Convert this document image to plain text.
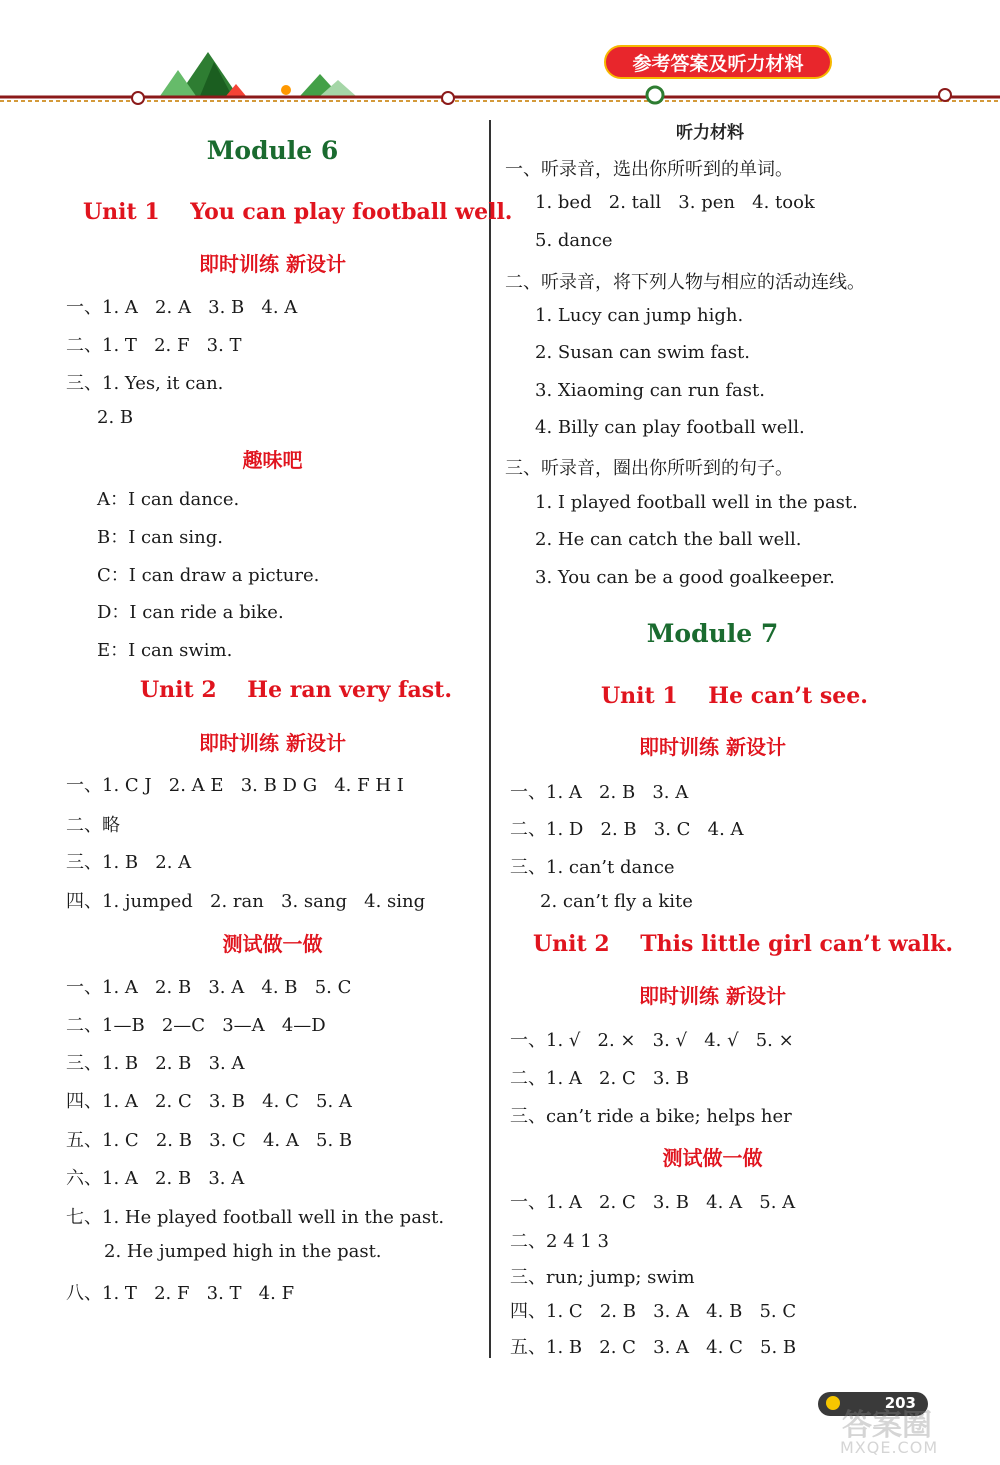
参考答案及听力材料
Module 6
Unit 1    You can play football well.
即时训练 新设计
一、1. A   2. A   3. B   4. A
二、1. T   2. F   3. T
三、1. Yes, it can.
2. B
趣味吧
A：I can dance.
B：I can sing.
C：I can draw a picture.
D：I can ride a bike.
E：I can swim.
Unit 2    He ran very fast.
即时训练 新设计
一、1. C J   2. A E   3. B D G   4. F H I
二、略
三、1. B   2. A
四、1. jumped   2. ran   3. sang   4. sing
测试做一做
一、1. A   2. B   3. A   4. B   5. C
二、1—B   2—C   3—A   4—D
三、1. B   2. B   3. A
四、1. A   2. C   3. B   4. C   5. A
五、1. C   2. B   3. C   4. A   5. B
六、1. A   2. B   3. A
七、1. He played football well in the past.
2. He jumped high in the past.
八、1. T   2. F   3. T   4. F
听力材料
一、听录音，选出你所听到的单词。
1. bed   2. tall   3. pen   4. took
5. dance
二、听录音，将下列人物与相应的活动连线。
1. Lucy can jump high.
2. Susan can swim fast.
3. Xiaoming can run fast.
4. Billy can play football well.
三、听录音，圈出你所听到的句子。
1. I played football well in the past.
2. He can catch the ball well.
3. You can be a good goalkeeper.
Module 7
Unit 1    He can’t see.
即时训练 新设计
一、1. A   2. B   3. A
二、1. D   2. B   3. C   4. A
三、1. can’t dance
2. can’t fly a kite
Unit 2    This little girl can’t walk.
即时训练 新设计
一、1. √   2. ×   3. √   4. √   5. ×
二、1. A   2. C   3. B
三、can’t ride a bike; helps her
测试做一做
一、1. A   2. C   3. B   4. A   5. A
二、2 4 1 3
三、run; jump; swim
四、1. C   2. B   3. A   4. B   5. C
五、1. B   2. C   3. A   4. C   5. B
203
答案圈
MXQE.COM
